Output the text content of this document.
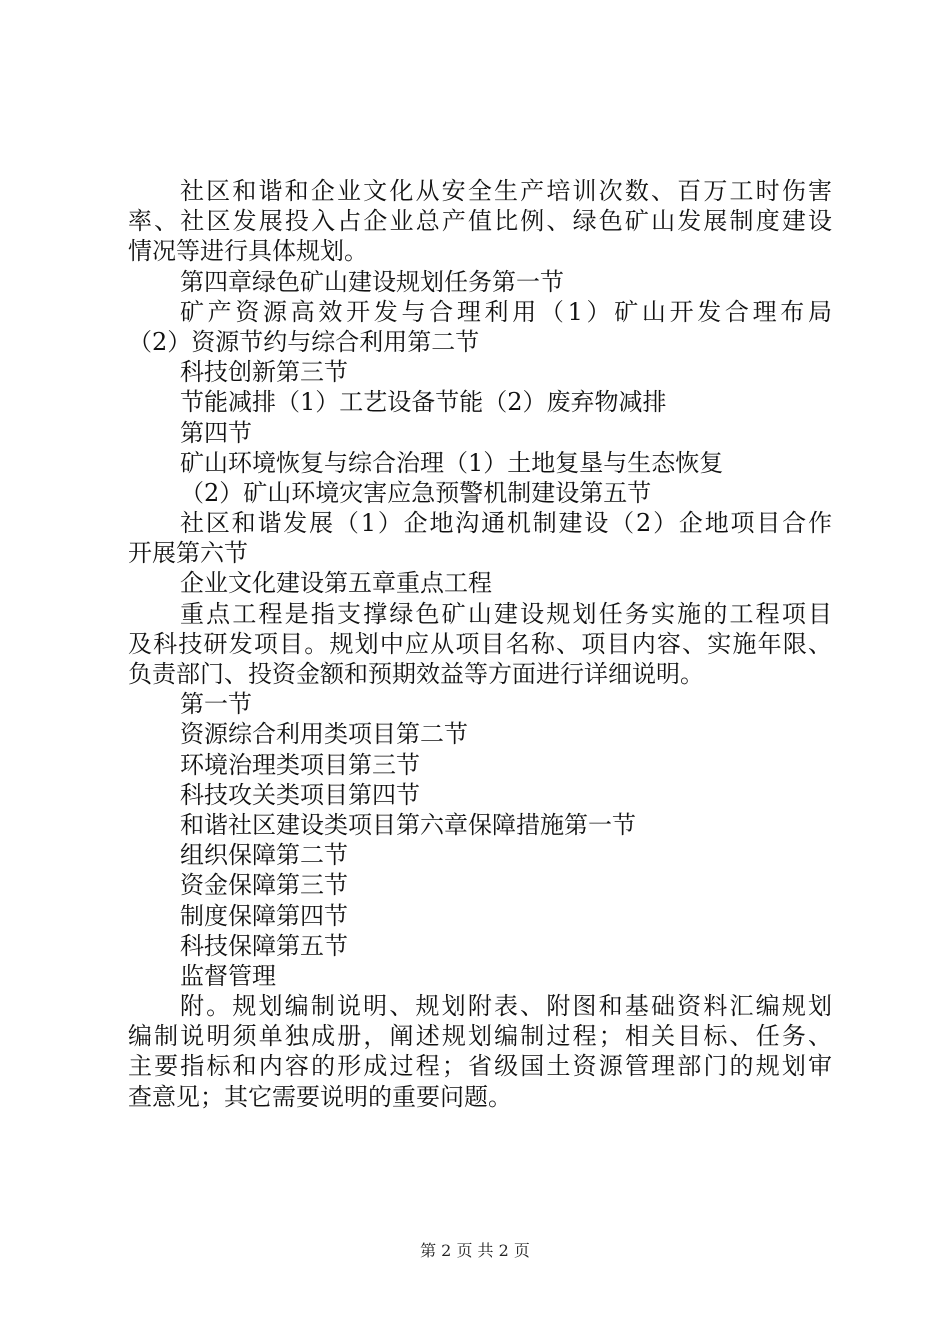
社区和谐和企业文化从安全生产培训次数、百万工时伤害
率、社区发展投入占企业总产值比例、绿色矿山发展制度建设
情况等进行具体规划。
第四章绿色矿山建设规划任务第一节
矿产资源高效开发与合理利用（1）矿山开发合理布局
（2）资源节约与综合利用第二节
科技创新第三节
节能减排（1）工艺设备节能（2）废弃物减排
第四节
矿山环境恢复与综合治理（1）土地复垦与生态恢复
（2）矿山环境灾害应急预警机制建设第五节
社区和谐发展（1）企地沟通机制建设（2）企地项目合作
开展第六节
企业文化建设第五章重点工程
重点工程是指支撑绿色矿山建设规划任务实施的工程项目
及科技研发项目。规划中应从项目名称、项目内容、实施年限、
负责部门、投资金额和预期效益等方面进行详细说明。
第一节
资源综合利用类项目第二节
环境治理类项目第三节
科技攻关类项目第四节
和谐社区建设类项目第六章保障措施第一节
组织保障第二节
资金保障第三节
制度保障第四节
科技保障第五节
监督管理
附。规划编制说明、规划附表、附图和基础资料汇编规划
编制说明须单独成册，阐述规划编制过程；相关目标、任务、
主要指标和内容的形成过程；省级国土资源管理部门的规划审
查意见；其它需要说明的重要问题。
第 2 页 共 2 页
